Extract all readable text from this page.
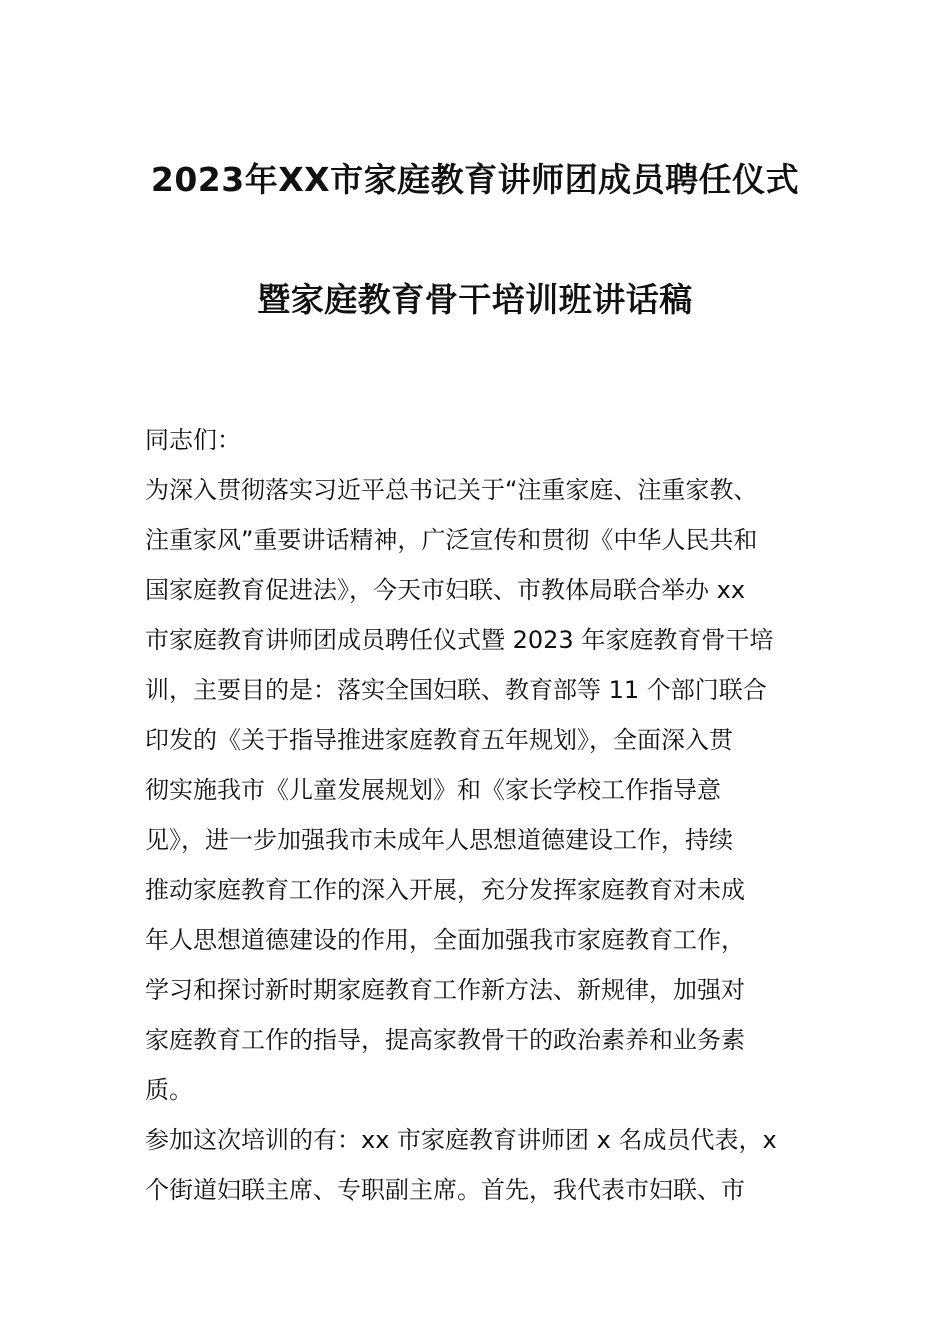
2023年XX市家庭教育讲师团成员聘任仪式
暨家庭教育骨干培训班讲话稿
同志们：
为深入贯彻落实习近平总书记关于“注重家庭、注重家教、
注重家风”重要讲话精神，广泛宣传和贯彻《中华人民共和
国家庭教育促进法》，今天市妇联、市教体局联合举办 xx
市家庭教育讲师团成员聘任仪式暨 2023 年家庭教育骨干培
训，主要目的是：落实全国妇联、教育部等 11 个部门联合
印发的《关于指导推进家庭教育五年规划》，全面深入贯
彻实施我市《儿童发展规划》和《家长学校工作指导意
见》，进一步加强我市未成年人思想道德建设工作，持续
推动家庭教育工作的深入开展，充分发挥家庭教育对未成
年人思想道德建设的作用，全面加强我市家庭教育工作，
学习和探讨新时期家庭教育工作新方法、新规律，加强对
家庭教育工作的指导，提高家教骨干的政治素养和业务素
质。
参加这次培训的有：xx 市家庭教育讲师团 x 名成员代表，x
个街道妇联主席、专职副主席。首先，我代表市妇联、市
